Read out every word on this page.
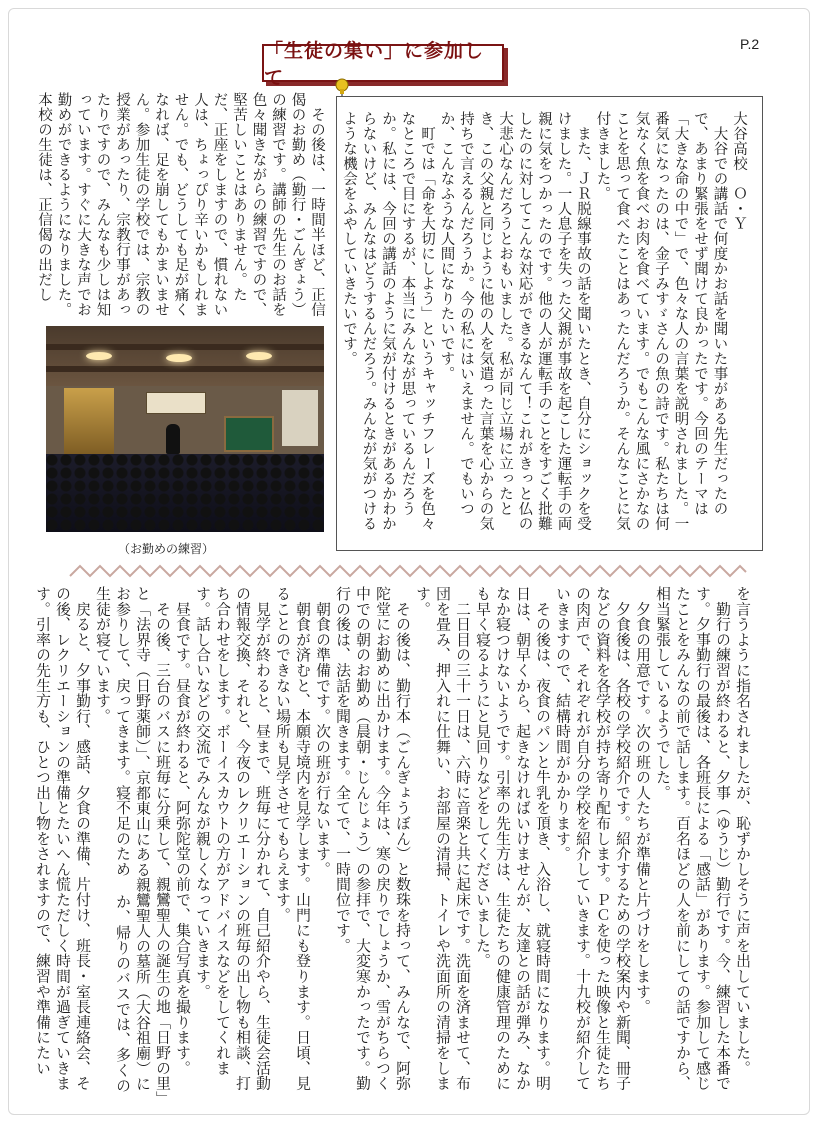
P.2
「生徒の集い」に参加して
大谷高校　Ｏ・Ｙ
　大谷での講話で何度かお話を聞いた事がある先生だったので、あまり緊張をせず聞けて良かったです。今回のテーマは「大きな命の中で」で、色々な人の言葉を説明されました。一番気になったのは、金子みすゞさんの魚の詩です。私たちは何気なく魚を食べお肉を食べています。でもこんな風にさかなのことを思って食べたことはあったんだろうか。そんなことに気付きました。
　また、ＪＲ脱線事故の話を聞いたとき、自分にショックを受けました。一人息子を失った父親が事故を起こした運転手の両親に気をつかったのです。他の人が運転手のことをすごく批難したのに対してこんな対応ができるなんて！これがきっと仏の大悲心なんだろうとおもいました。私が同じ立場に立ったとき、この父親と同じように他の人を気遣った言葉を心からの気持ちで言えるんだろうか。今の私にはいえません。でもいつか、こんなふうな人間になりたいです。
　町では「命を大切にしよう」というキャッチフレーズを色々なところで目にするが、本当にみんなが思っているんだろうか。私には、今回の講話のように気が付けるときがあるかわからないけど、みんなはどうするんだろう。みんなが気がつけるような機会をふやしていきたいです。
　その後は、一時間半ほど、正信偈のお勤め（勤行・ごんぎょう）の練習です。講師の先生のお話を色々聞きながらの練習ですので、堅苦しいことはありません。ただ、正座をしますので、慣れない人は、ちょっぴり辛いかもしれません。でも、どうしても足が痛くなれば、足を崩してもかまいません。参加生徒の学校では、宗教の授業があったり、宗教行事があったりですので、みんなも少しは知っています。すぐに大きな声でお勤めができるようになりました。本校の生徒は、正信偈の出だし
（お勤めの練習）
を言うように指名されましたが、恥ずかしそうに声を出していました。
　勤行の練習が終わると、夕事（ゆうじ）勤行です。今、練習した本番です。夕事勤行の最後は、各班長による「感話」があります。参加して感じたことをみんなの前で話します。百名ほどの人を前にしての話ですから、相当緊張しているようでした。
　夕食の用意です。次の班の人たちが準備と片づけをします。
　夕食後は、各校の学校紹介です。紹介するための学校案内や新聞、冊子などの資料を各学校が持ち寄り配布します。ＰＣを使った映像と生徒たちの肉声で、それぞれが自分の学校を紹介していきます。十九校が紹介していきますので、結構時間がかかります。
　その後は、夜食のパンと牛乳を頂き、入浴し、就寝時間になります。明日は、朝早くから、起きなければいけませんが、友達との話が弾み、なかなか寝つけないようです。引率の先生方は、生徒たちの健康管理のためにも早く寝るようにと見回りなどをしてくださいました。
　二日目の三十一日は、六時に音楽と共に起床です。洗面を済ませて、布団を畳み、押入れに仕舞い、お部屋の清掃、トイレや洗面所の清掃をします。
　その後は、勤行本（ごんぎょうぼん）と数珠を持って、みんなで、阿弥陀堂にお勤めに出かけます。今年は、寒の戻りでしょうか、雪がちらつく中での朝のお勤め（晨朝・じんじょう）の参拝で、大変寒かったです。勤行の後は、法話を聞きます。全てで、一時間位です。
　朝食の準備です。次の班が行ないます。
　朝食が済むと、本願寺境内を見学します。山門にも登ります。日頃、見ることのできない場所も見学させてもらえます。
　見学が終わると、昼まで、班毎に分かれて、自己紹介やら、生徒会活動の情報交換、それと、今夜のレクリエーションの班毎の出し物も相談、打ち合わせをします。ボーイスカウトの方がアドバイスなどをしてくれます。話し合いなどの交流でみんなが親しくなっていきます。
　昼食です。昼食が終わると、阿弥陀堂の前で、集合写真を撮ります。
　その後、三台のバスに班毎に分乗して、親鸞聖人の誕生の地「日野の里」と「法界寺（日野薬師）」、京都東山にある親鸞聖人の墓所（大谷祖廟）にお参りして、戻ってきます。寝不足のため か、帰りのバスでは、多くの生徒が寝ています。
　戻ると、夕事勤行、感話、夕食の準備、片付け、班長・室長連絡会、その後、レクリエーションの準備とたいへん慌ただしく時間が過ぎていきます。引率の先生方も、ひとつ出し物をされますので、練習や準備にたい
